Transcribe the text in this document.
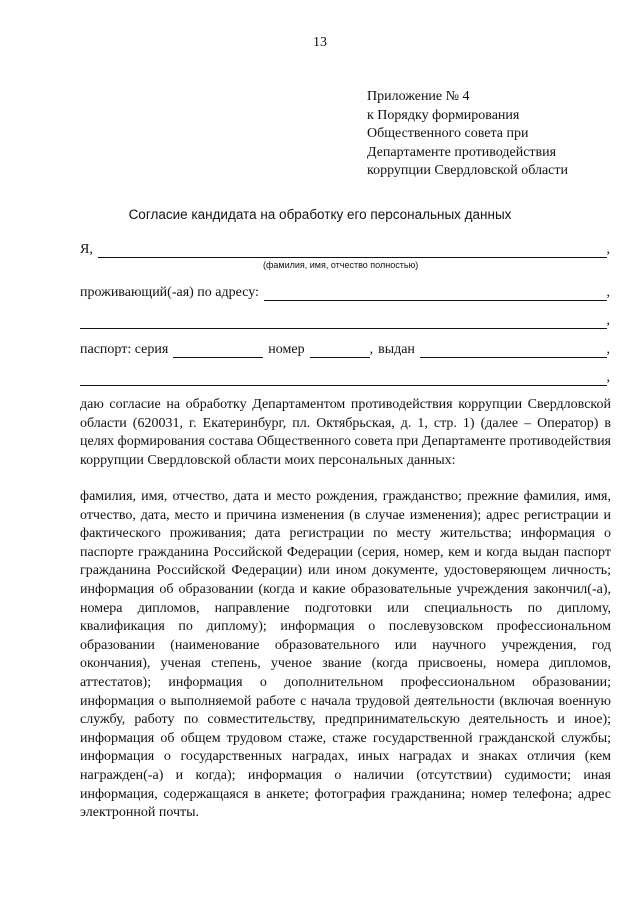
13
Приложение № 4
к Порядку формирования
Общественного совета при
Департаменте противодействия
коррупции Свердловской области
Согласие кандидата на обработку его персональных данных
Я,	,
(фамилия, имя, отчество полностью)
проживающий(-ая) по адресу:	,
,
паспорт: серия	номер	, выдан	,
,
даю согласие на обработку Департаментом противодействия коррупции Свердловской области (620031, г. Екатеринбург, пл. Октябрьская, д. 1, стр. 1) (далее – Оператор) в целях формирования состава Общественного совета при Департаменте противодействия коррупции Свердловской области моих персональных данных:
фамилия, имя, отчество, дата и место рождения, гражданство; прежние фамилия, имя, отчество, дата, место и причина изменения (в случае изменения); адрес регистрации и фактического проживания; дата регистрации по месту жительства; информация о паспорте гражданина Российской Федерации (серия, номер, кем и когда выдан паспорт гражданина Российской Федерации) или ином документе, удостоверяющем личность; информация об образовании (когда и какие образовательные учреждения закончил(-а), номера дипломов, направление подготовки или специальность по диплому, квалификация по диплому); информация о послевузовском профессиональном образовании (наименование образовательного или научного учреждения, год окончания), ученая степень, ученое звание (когда присвоены, номера дипломов, аттестатов); информация о дополнительном профессиональном образовании; информация о выполняемой работе с начала трудовой деятельности (включая военную службу, работу по совместительству, предпринимательскую деятельность и иное); информация об общем трудовом стаже, стаже государственной гражданской службы; информация о государственных наградах, иных наградах и знаках отличия (кем награжден(-а) и когда); информация о наличии (отсутствии) судимости; иная информация, содержащаяся в анкете; фотография гражданина; номер телефона; адрес электронной почты.
